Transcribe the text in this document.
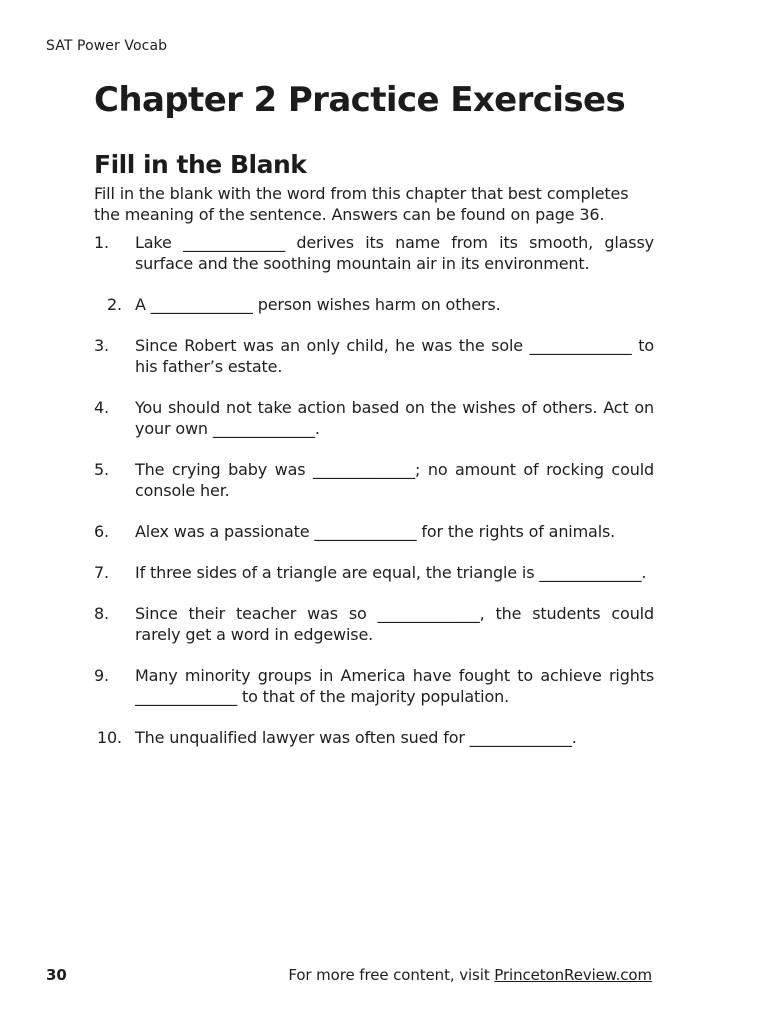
SAT Power Vocab
Chapter 2 Practice Exercises
Fill in the Blank

Fill in the blank with the word from this chapter that best completes the meaning of the sentence. Answers can be found on page 36.

1.	Lake _____________ derives its name from its smooth, glassy surface and the soothing mountain air in its environment.
2. A _____________ person wishes harm on others.
3.	Since Robert was an only child, he was the sole _____________ to his father’s estate.
4.	You should not take action based on the wishes of others. Act on your own _____________.
5.	The crying baby was _____________; no amount of rocking could console her.
6.	Alex was a passionate _____________ for the rights of animals.
7.	If three sides of a triangle are equal, the triangle is _____________.
8.	Since their teacher was so _____________, the students could rarely get a word in edgewise.
9.	Many minority groups in America have fought to achieve rights _____________ to that of the majority population.
10. The unqualified lawyer was often sued for _____________.
30	For more free content, visit PrincetonReview.com
